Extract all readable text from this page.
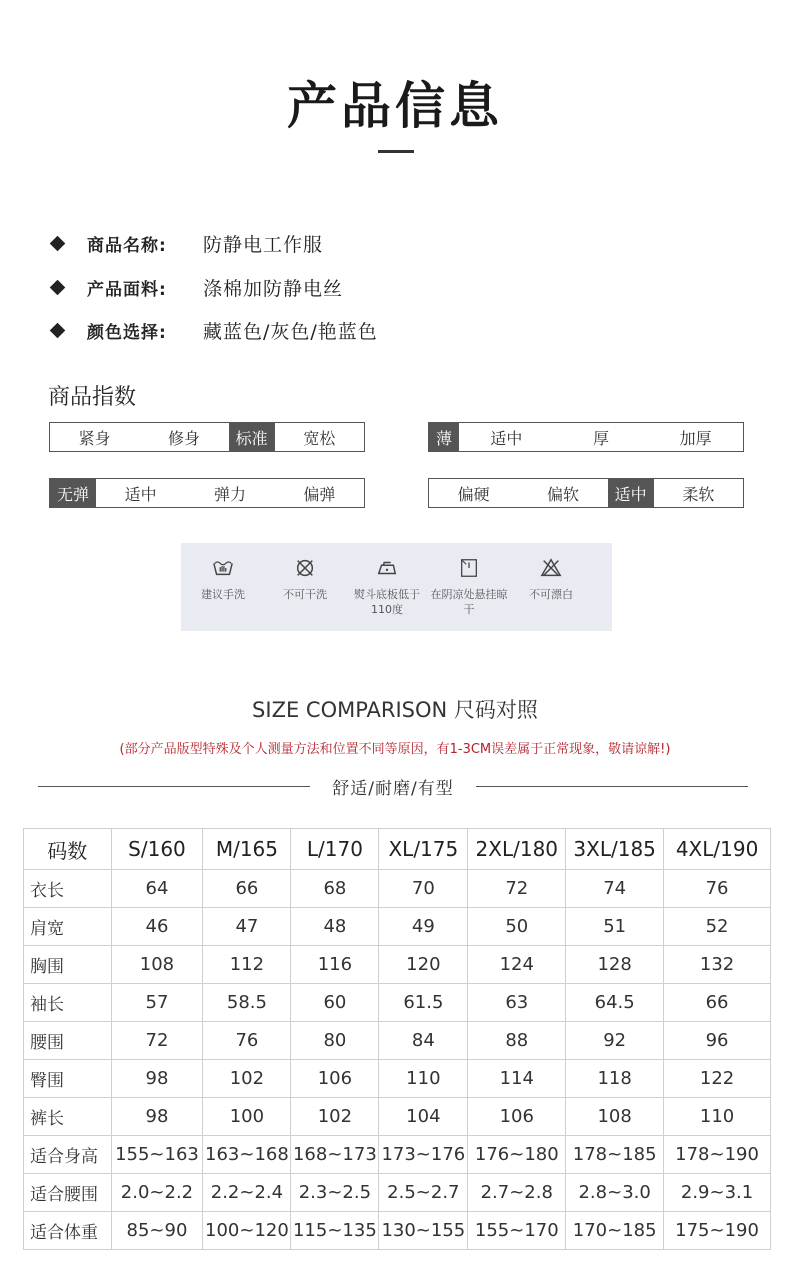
产品信息
商品名称:	防静电工作服
产品面料:	涤棉加防静电丝
颜色选择:	藏蓝色/灰色/艳蓝色
商品指数
紧身	修身	标准	宽松	薄	适中	厚	加厚
无弹	适中	弹力	偏弹	偏硬	偏软	适中	柔软
建议手洗	不可干洗	熨斗底板低于110度
在阴凉处悬挂晾干
不可漂白
SIZE COMPARISON 尺码对照
(部分产品版型特殊及个人测量方法和位置不同等原因，有1-3CM误差属于正常现象，敬请谅解!)
舒适/耐磨/有型
码数	S/160	M/165	L/170	XL/175	2XL/180	3XL/185	4XL/190
衣长	64	66	68	70	72	74	76
肩宽	46	47	48	49	50	51	52
胸围	108	112	116	120	124	128	132
袖长	57	58.5	60	61.5	63	64.5	66
腰围	72	76	80	84	88	92	96
臀围	98	102	106	110	114	118	122
裤长	98	100	102	104	106	108	110
适合身高	155~163	163~168	168~173	173~176	176~180	178~185	178~190
适合腰围	2.0~2.2	2.2~2.4	2.3~2.5	2.5~2.7	2.7~2.8	2.8~3.0	2.9~3.1
适合体重	85~90	100~120	115~135	130~155	155~170	170~185	175~190
